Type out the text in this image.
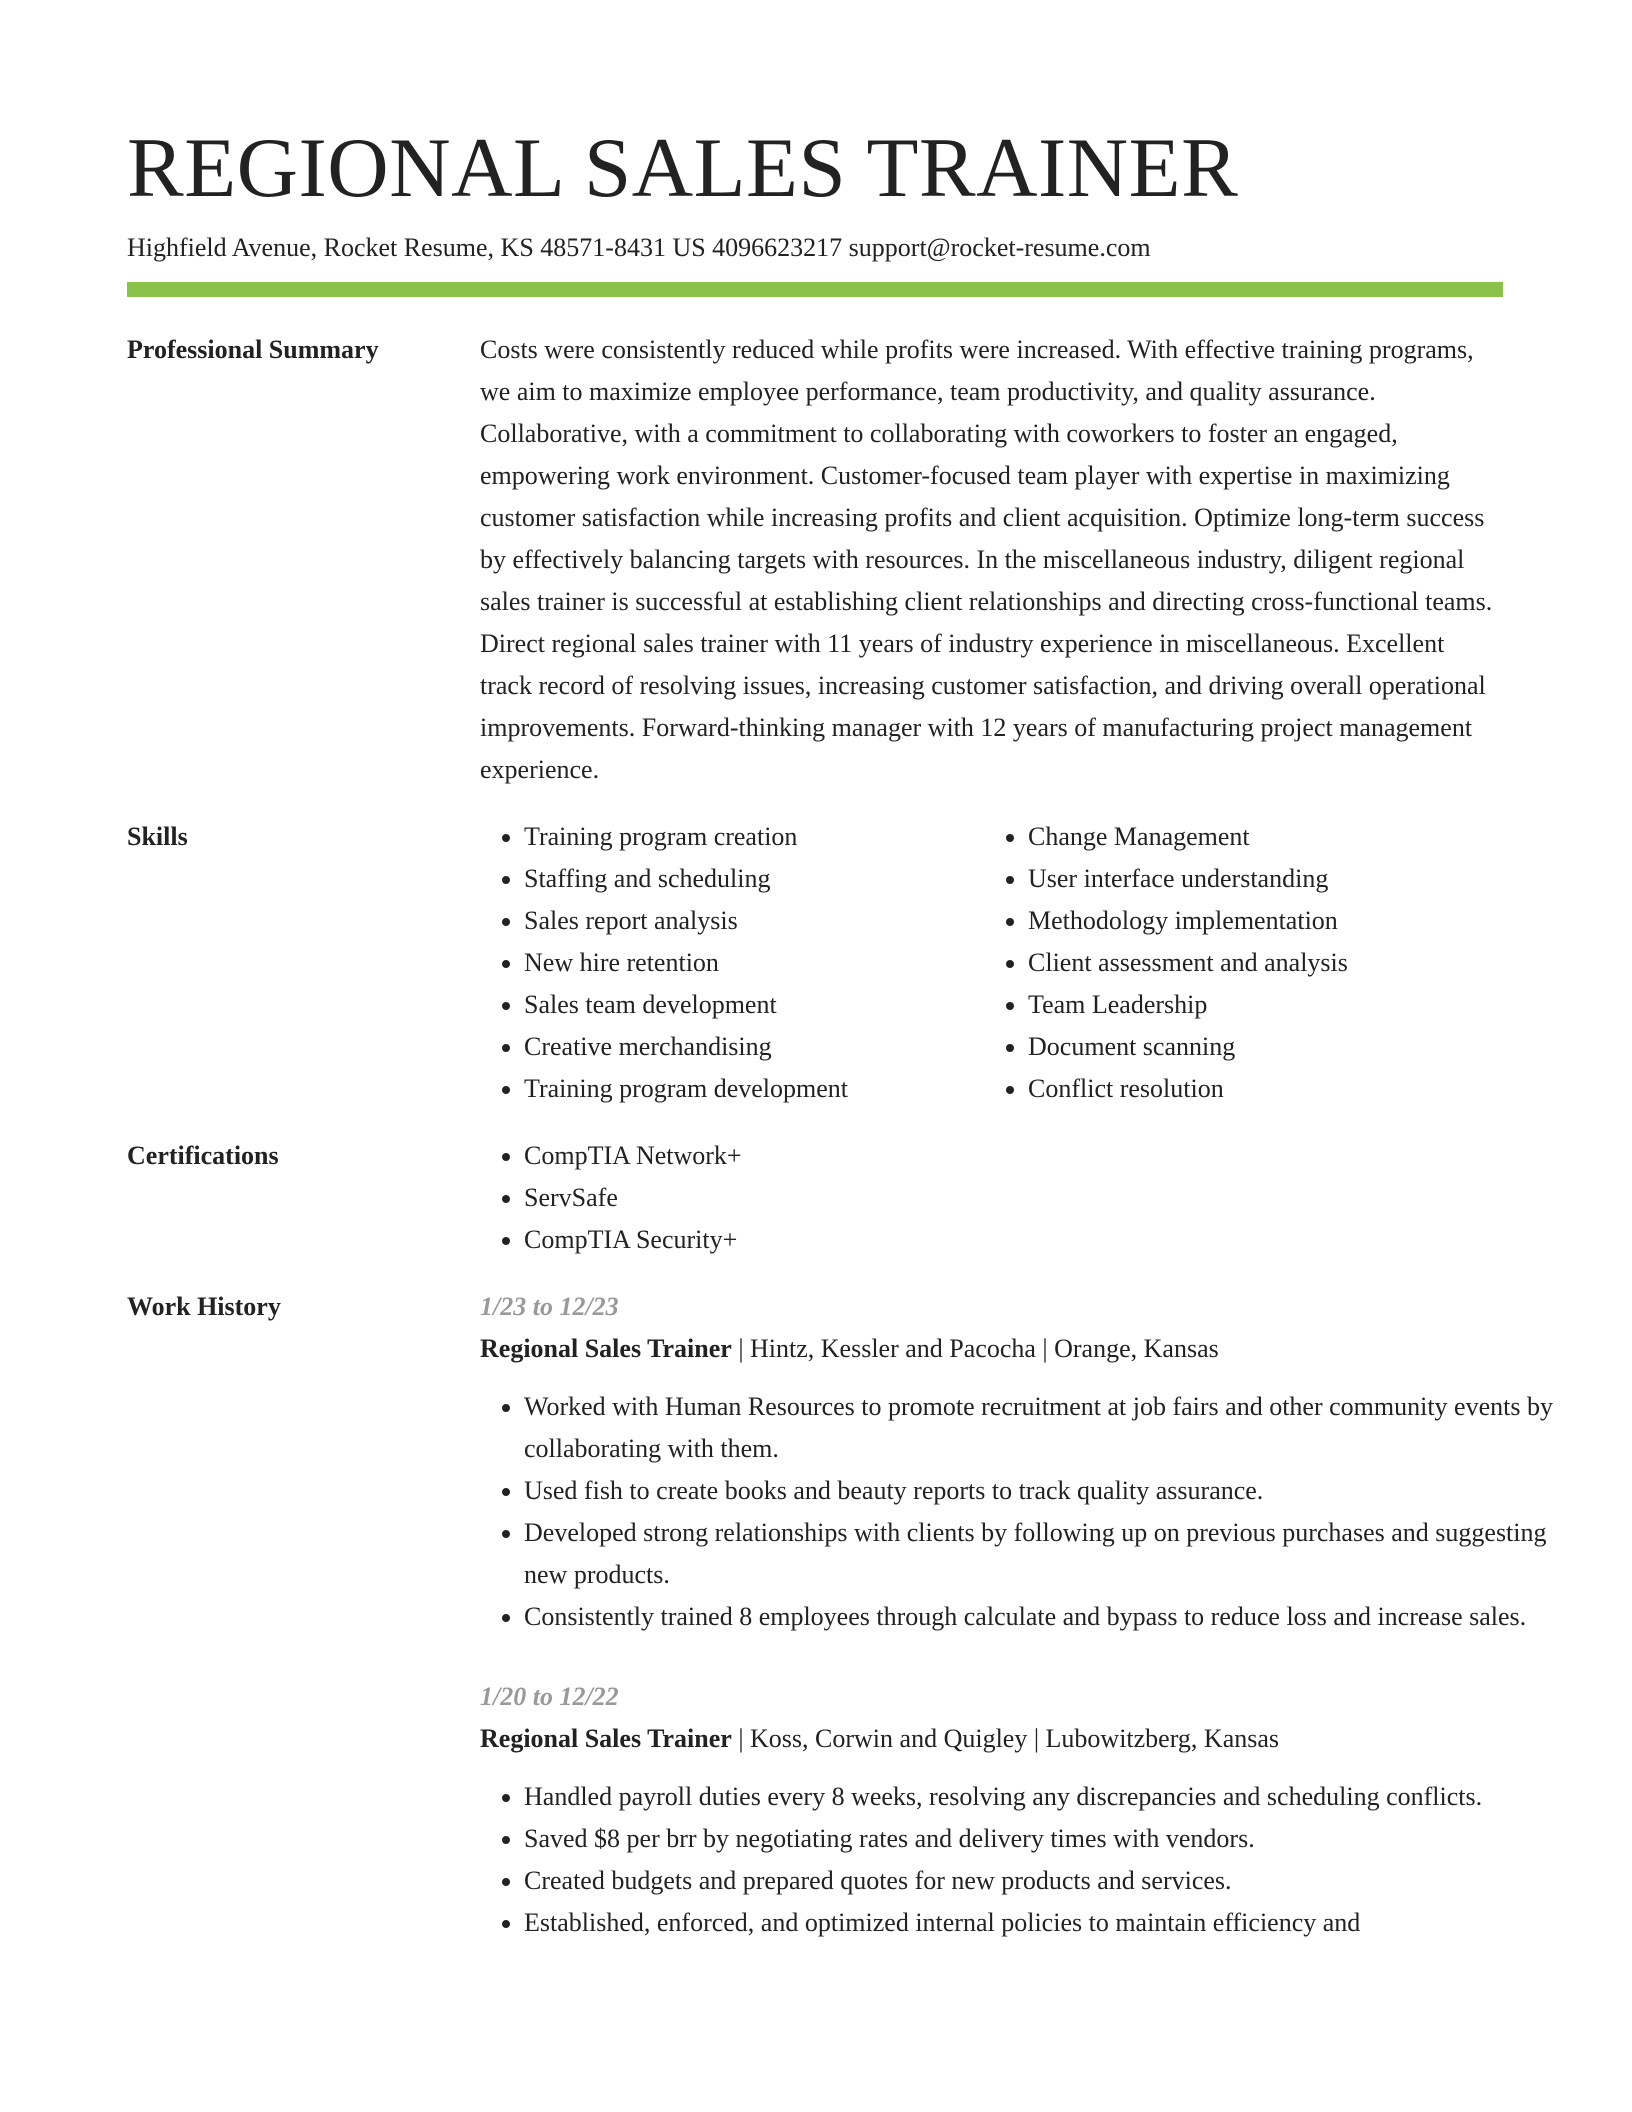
REGIONAL SALES TRAINER
Highfield Avenue, Rocket Resume, KS 48571-8431 US 4096623217 support@rocket-resume.com
Professional Summary	Costs were consistently reduced while profits were increased. With effective training programs, we aim to maximize employee performance, team productivity, and quality assurance. Collaborative, with a commitment to collaborating with coworkers to foster an engaged, empowering work environment. Customer-focused team player with expertise in maximizing customer satisfaction while increasing profits and client acquisition. Optimize long-term success by effectively balancing targets with resources. In the miscellaneous industry, diligent regional sales trainer is successful at establishing client relationships and directing cross-functional teams. Direct regional sales trainer with 11 years of industry experience in miscellaneous. Excellent track record of resolving issues, increasing customer satisfaction, and driving overall operational improvements. Forward-thinking manager with 12 years of manufacturing project management experience.

Skills	• Training program creation
• Staffing and scheduling
• Sales report analysis
• New hire retention
• Sales team development
• Creative merchandising
• Training program development
• Change Management
• User interface understanding
• Methodology implementation
• Client assessment and analysis
• Team Leadership
• Document scanning
• Conflict resolution
Certifications	• CompTIA Network+
• ServSafe
• CompTIA Security+
Work History	1/23 to 12/23
Regional Sales Trainer | Hintz, Kessler and Pacocha | Orange, Kansas
• Worked with Human Resources to promote recruitment at job fairs and other community events by collaborating with them.
• Used fish to create books and beauty reports to track quality assurance.
• Developed strong relationships with clients by following up on previous purchases and suggesting new products.
• Consistently trained 8 employees through calculate and bypass to reduce loss and increase sales.
1/20 to 12/22
Regional Sales Trainer | Koss, Corwin and Quigley | Lubowitzberg, Kansas
• Handled payroll duties every 8 weeks, resolving any discrepancies and scheduling conflicts.
• Saved $8 per brr by negotiating rates and delivery times with vendors.
• Created budgets and prepared quotes for new products and services.
• Established, enforced, and optimized internal policies to maintain efficiency and
